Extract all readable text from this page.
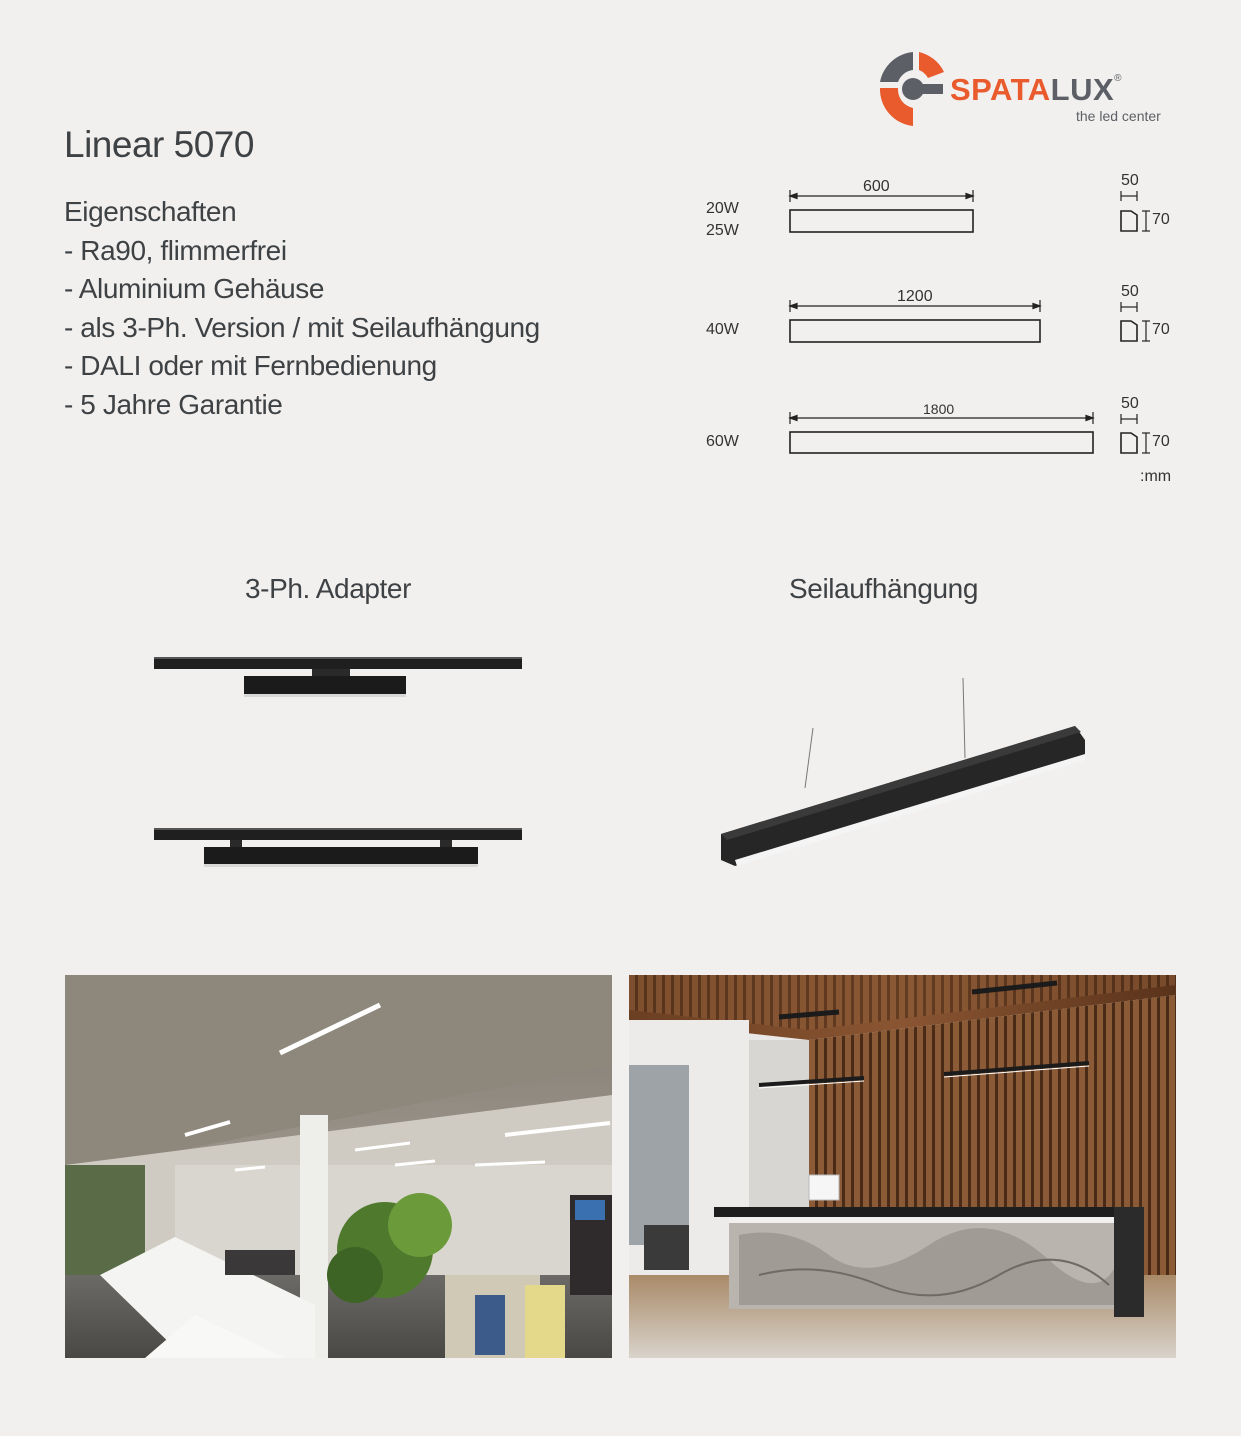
SPATALUX®
the led center
Linear 5070
Eigenschaften
- Ra90, flimmerfrei
- Aluminium Gehäuse
- als 3-Ph. Version / mit Seilaufhängung
- DALI oder mit Fernbedienung
- 5 Jahre Garantie
20W
25W
600	50
70
40W
1200	50
70
60W
1800	50
70
:mm
3-Ph. Adapter	Seilaufhängung
